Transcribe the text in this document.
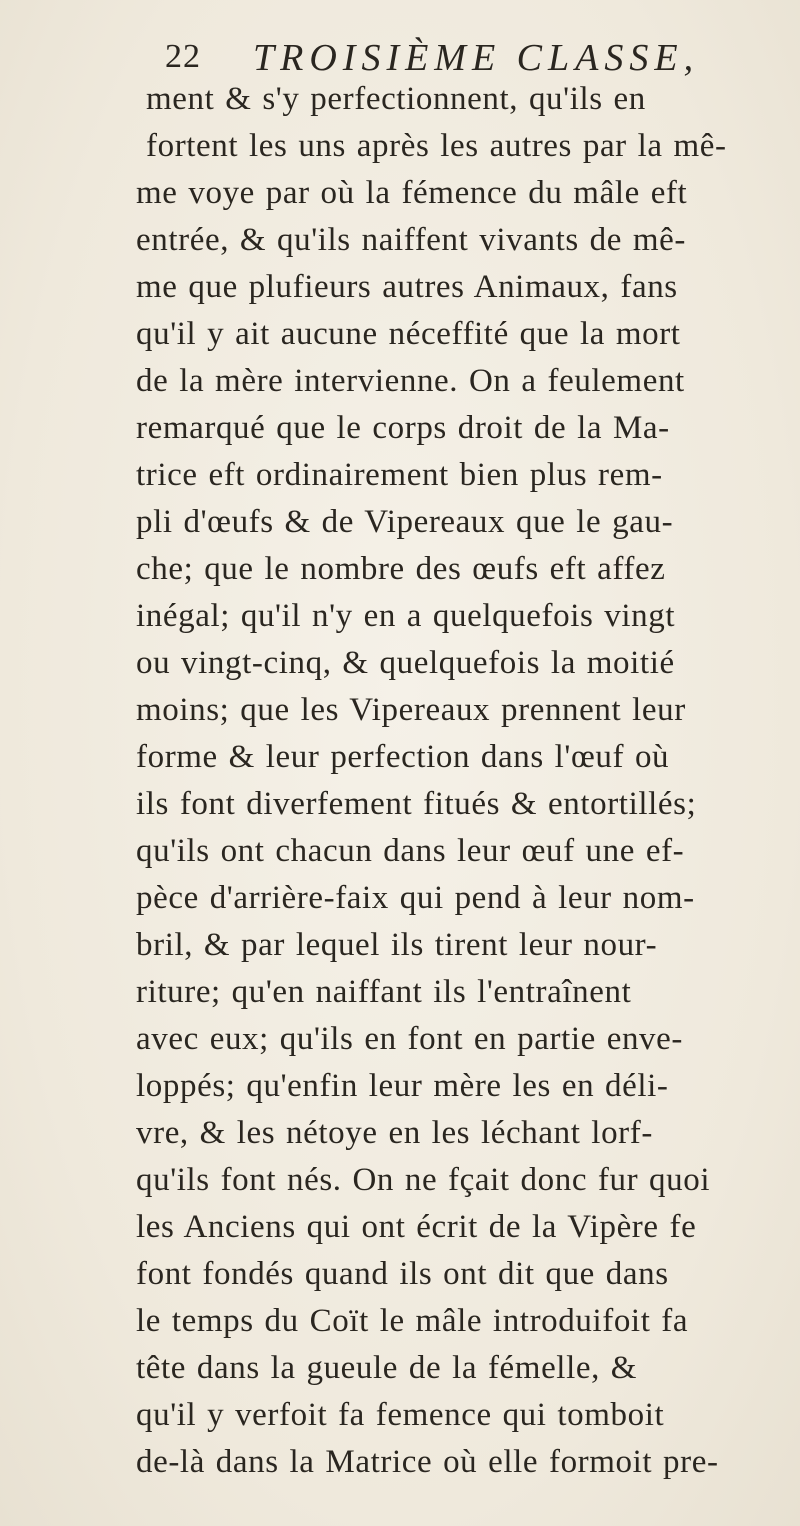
22 TROISIÈME CLASSE,
ment & s'y perfectionnent, qu'ils en
fortent les uns après les autres par la mê-
me voye par où la fémence du mâle eft
entrée, & qu'ils naiffent vivants de mê-
me que plufieurs autres Animaux, fans
qu'il y ait aucune néceffité que la mort
de la mère intervienne. On a feulement
remarqué que le corps droit de la Ma-
trice eft ordinairement bien plus rem-
pli d'œufs & de Vipereaux que le gau-
che; que le nombre des œufs eft affez
inégal; qu'il n'y en a quelquefois vingt
ou vingt-cinq, & quelquefois la moitié
moins; que les Vipereaux prennent leur
forme & leur perfection dans l'œuf où
ils font diverfement fitués & entortillés;
qu'ils ont chacun dans leur œuf une ef-
pèce d'arrière-faix qui pend à leur nom-
bril, & par lequel ils tirent leur nour-
riture; qu'en naiffant ils l'entraînent
avec eux; qu'ils en font en partie enve-
loppés; qu'enfin leur mère les en déli-
vre, & les nétoye en les léchant lorf-
qu'ils font nés. On ne fçait donc fur quoi
les Anciens qui ont écrit de la Vipère fe
font fondés quand ils ont dit que dans
le temps du Coït le mâle introduifoit fa
tête dans la gueule de la fémelle, &
qu'il y verfoit fa femence qui tomboit
de-là dans la Matrice où elle formoit pre-
